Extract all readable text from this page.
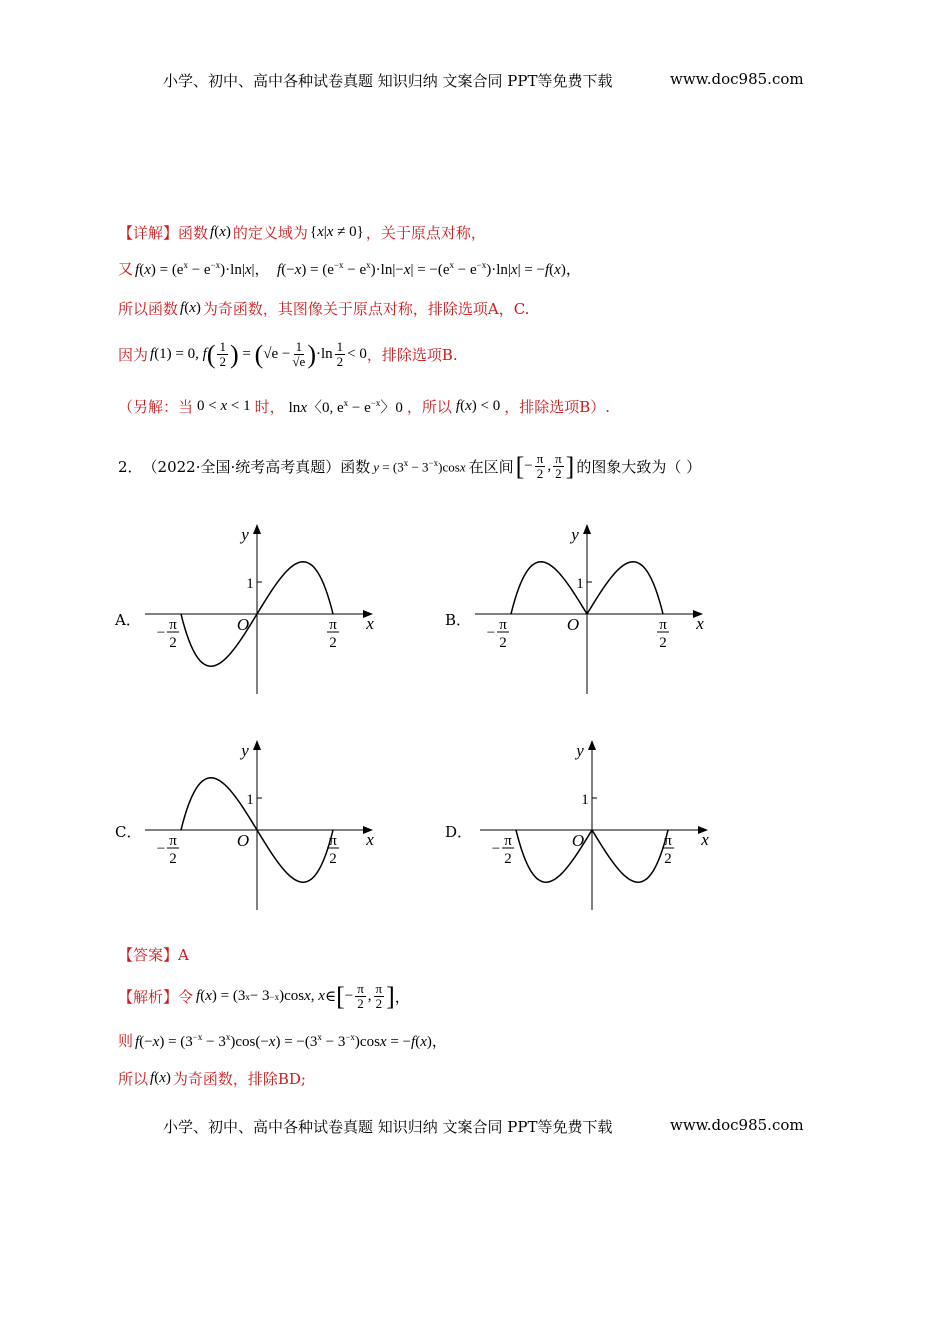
小学、初中、高中各种试卷真题 知识归纳 文案合同 PPT等免费下载	www.doc985.com
【详解】 函数 f(x) 的定义域为 {x|x ≠ 0} ，关于原点对称，
又 $f(x) = (e^x - e^{-x})\cdot\ln|x|$，  $f(-x) = (e^{-x} - e^x)\cdot\ln|-x| = -(e^x - e^{-x})\cdot\ln|x| = -f(x)$，
所以函数 f(x) 为奇函数，其图像关于原点对称，排除选项A，C.
因为 f (1) = 0, f ( $\frac{1}{2}$ ) = ( $√e - \frac{1}{√e}$ ) $\cdot\ln \frac{1}{2} < 0$ ，排除选项B.
（另解：当 0 < x < 1 时， lnx〈0, $e^x - e^{-x}$〉0 ，所以 f(x) < 0 ，排除选项B）.
2． （2022·全国·统考高考真题）函数 $y = (3^x - 3^{-x})\cos x$ 在区间 [ − $\frac{\pi}{2}$ , $\frac{\pi}{2}$ ] 的图象大致为（ ）
A．	B．
C．	D．
1
y
x
O
− π
2
π
2
1
y
x
O
− π
2
π
2
1
y
x
O
− π
2
π
2
1
y
x
O
− π
2
π
2
【答案】 A
【解析】 令 f ( x ) = (3 x − 3 −x )cos x , x ∈ [ − $\frac{\pi}{2}$ , $\frac{\pi}{2}$ ] ，
则 $f(-x) = (3^{-x} - 3^x)\cos(-x) = -(3^x - 3^{-x})\cos x = -f(x)$，
所以 f(x) 为奇函数，排除BD;
小学、初中、高中各种试卷真题 知识归纳 文案合同 PPT等免费下载	www.doc985.com
